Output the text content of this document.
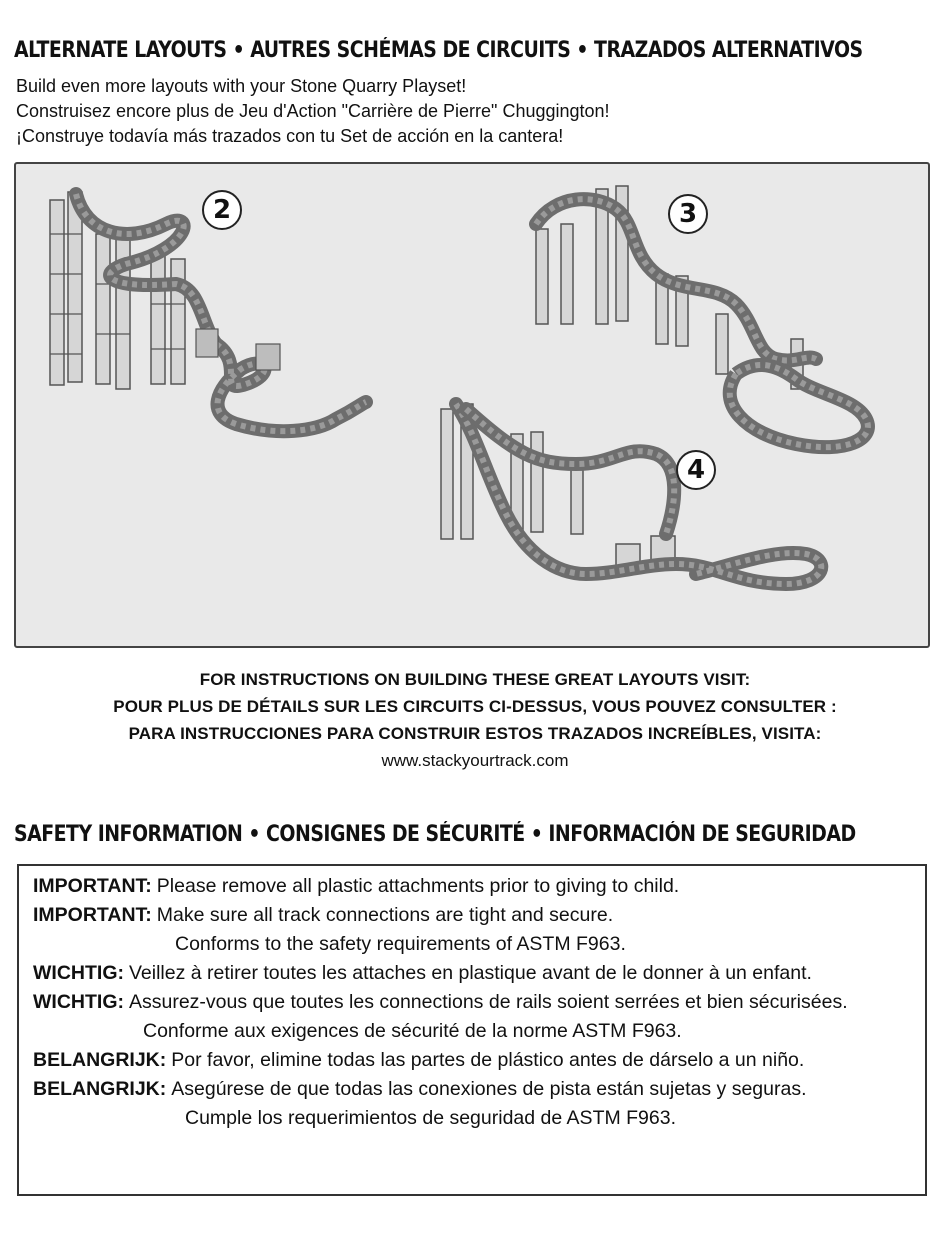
ALTERNATE LAYOUTS • AUTRES SCHÉMAS DE CIRCUITS • TRAZADOS ALTERNATIVOS
Build even more layouts with your Stone Quarry Playset!
Construisez encore plus de Jeu d'Action "Carrière de Pierre" Chuggington!
¡Construye todavía más trazados con tu Set de acción en la cantera!
2	3
4
FOR INSTRUCTIONS ON BUILDING THESE GREAT LAYOUTS VISIT:
POUR PLUS DE DÉTAILS SUR LES CIRCUITS CI-DESSUS, VOUS POUVEZ CONSULTER :
PARA INSTRUCCIONES PARA CONSTRUIR ESTOS TRAZADOS INCREÍBLES, VISITA:
www.stackyourtrack.com
SAFETY INFORMATION • CONSIGNES DE SÉCURITÉ • INFORMACIÓN DE SEGURIDAD
IMPORTANT: Please remove all plastic attachments prior to giving to child.
IMPORTANT: Make sure all track connections are tight and secure.
Conforms to the safety requirements of ASTM F963.
WICHTIG: Veillez à retirer toutes les attaches en plastique avant de le donner à un enfant.
WICHTIG: Assurez-vous que toutes les connections de rails soient serrées et bien sécurisées.
Conforme aux exigences de sécurité de la norme ASTM F963.
BELANGRIJK: Por favor, elimine todas las partes de plástico antes de dárselo a un niño.
BELANGRIJK: Asegúrese de que todas las conexiones de pista están sujetas y seguras.
Cumple los requerimientos de seguridad de ASTM F963.
